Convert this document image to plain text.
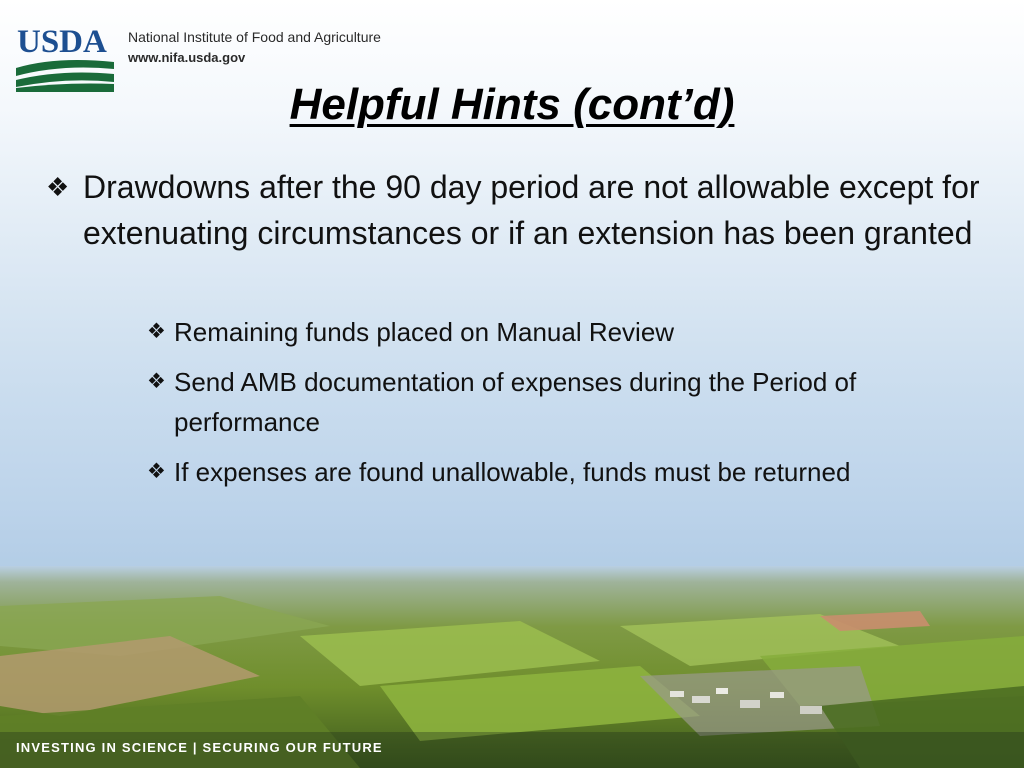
USDA National Institute of Food and Agriculture
www.nifa.usda.gov
Helpful Hints (cont’d)
❖ Drawdowns after the 90 day period are not allowable except for extenuating circumstances or if an extension has been granted
❖ Remaining funds placed on Manual Review
❖ Send AMB documentation of expenses during the Period of performance
❖ If expenses are found unallowable, funds must be returned
INVESTING IN SCIENCE | SECURING OUR FUTURE
